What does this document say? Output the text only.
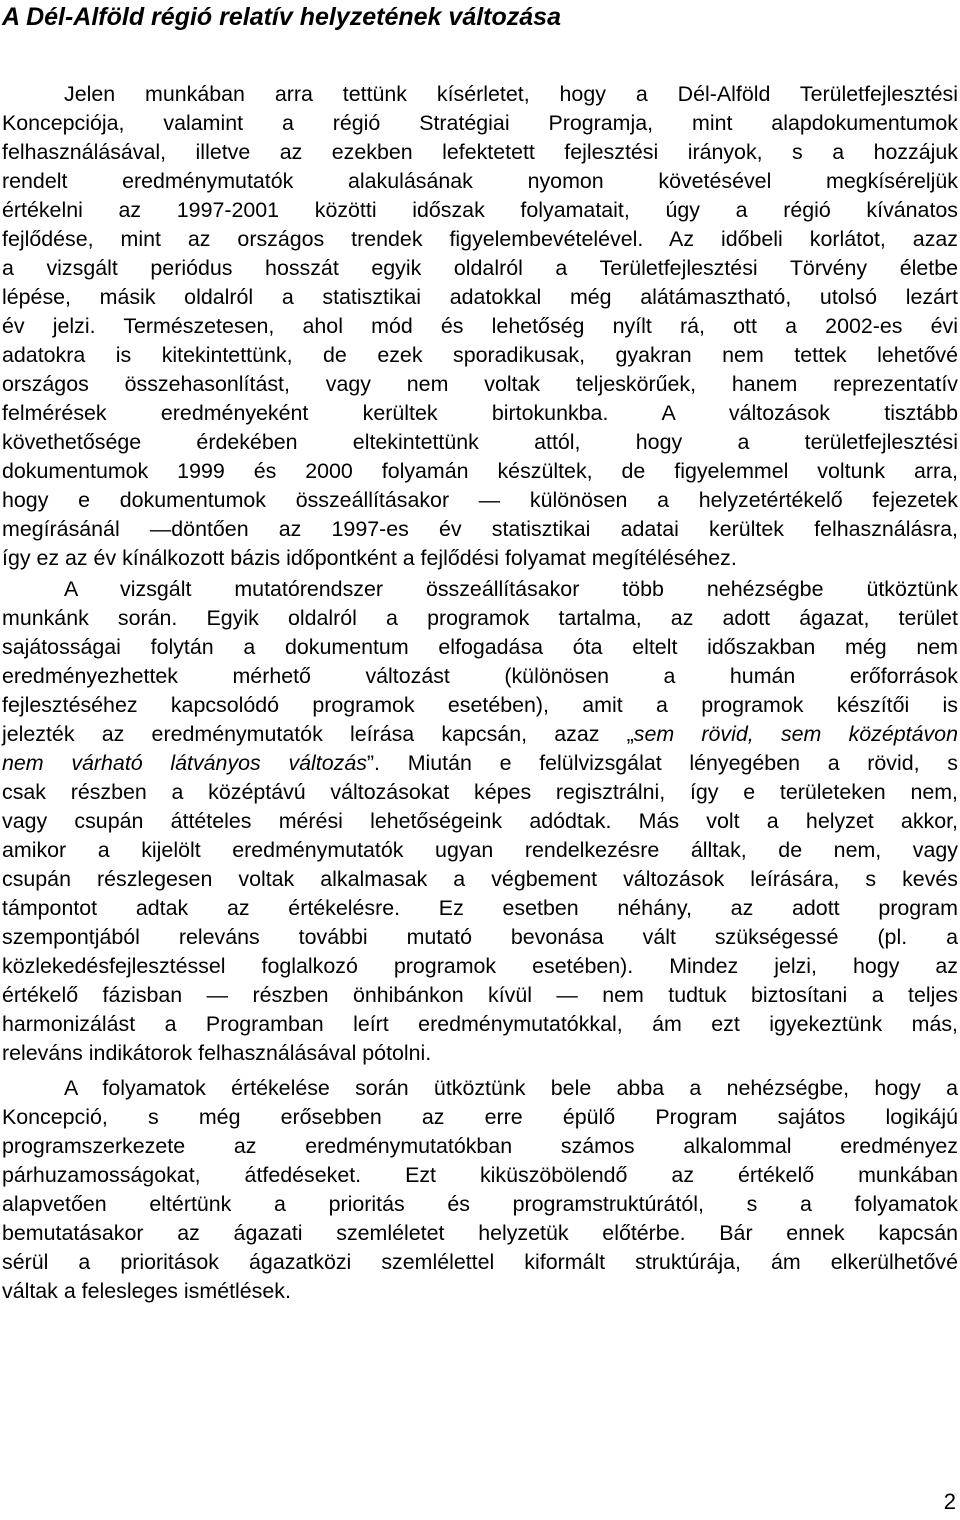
A Dél-Alföld régió relatív helyzetének változása
Jelen munkában arra tettünk kísérletet, hogy a Dél-Alföld Területfejlesztési
Koncepciója, valamint a régió Stratégiai Programja, mint alapdokumentumok
felhasználásával, illetve az ezekben lefektetett fejlesztési irányok, s a hozzájuk
rendelt eredménymutatók alakulásának nyomon követésével megkíséreljük
értékelni az 1997-2001 közötti időszak folyamatait, úgy a régió kívánatos
fejlődése, mint az országos trendek figyelembevételével. Az időbeli korlátot, azaz
a vizsgált periódus hosszát egyik oldalról a Területfejlesztési Törvény életbe
lépése, másik oldalról a statisztikai adatokkal még alátámasztható, utolsó lezárt
év jelzi. Természetesen, ahol mód és lehetőség nyílt rá, ott a 2002-es évi
adatokra is kitekintettünk, de ezek sporadikusak, gyakran nem tettek lehetővé
országos összehasonlítást, vagy nem voltak teljeskörűek, hanem reprezentatív
felmérések eredményeként kerültek birtokunkba. A változások tisztább
követhetősége érdekében eltekintettünk attól, hogy a területfejlesztési
dokumentumok 1999 és 2000 folyamán készültek, de figyelemmel voltunk arra,
hogy e dokumentumok összeállításakor — különösen a helyzetértékelő fejezetek
megírásánál —döntően az 1997-es év statisztikai adatai kerültek felhasználásra,
így ez az év kínálkozott bázis időpontként a fejlődési folyamat megítéléséhez.
A vizsgált mutatórendszer összeállításakor több nehézségbe ütköztünk
munkánk során. Egyik oldalról a programok tartalma, az adott ágazat, terület
sajátosságai folytán a dokumentum elfogadása óta eltelt időszakban még nem
eredményezhettek mérhető változást (különösen a humán erőforrások
fejlesztéséhez kapcsolódó programok esetében), amit a programok készítői is
jelezték az eredménymutatók leírása kapcsán, azaz „sem rövid, sem középtávon
nem várható látványos változás”. Miután e felülvizsgálat lényegében a rövid, s
csak részben a középtávú változásokat képes regisztrálni, így e területeken nem,
vagy csupán áttételes mérési lehetőségeink adódtak. Más volt a helyzet akkor,
amikor a kijelölt eredménymutatók ugyan rendelkezésre álltak, de nem, vagy
csupán részlegesen voltak alkalmasak a végbement változások leírására, s kevés
támpontot adtak az értékelésre. Ez esetben néhány, az adott program
szempontjából releváns további mutató bevonása vált szükségessé (pl. a
közlekedésfejlesztéssel foglalkozó programok esetében). Mindez jelzi, hogy az
értékelő fázisban — részben önhibánkon kívül — nem tudtuk biztosítani a teljes
harmonizálást a Programban leírt eredménymutatókkal, ám ezt igyekeztünk más,
releváns indikátorok felhasználásával pótolni.
A folyamatok értékelése során ütköztünk bele abba a nehézségbe, hogy a
Koncepció, s még erősebben az erre épülő Program sajátos logikájú
programszerkezete az eredménymutatókban számos alkalommal eredményez
párhuzamosságokat, átfedéseket. Ezt kiküszöbölendő az értékelő munkában
alapvetően eltértünk a prioritás és programstruktúrától, s a folyamatok
bemutatásakor az ágazati szemléletet helyzetük előtérbe. Bár ennek kapcsán
sérül a prioritások ágazatközi szemlélettel kiformált struktúrája, ám elkerülhetővé
váltak a felesleges ismétlések.
2
